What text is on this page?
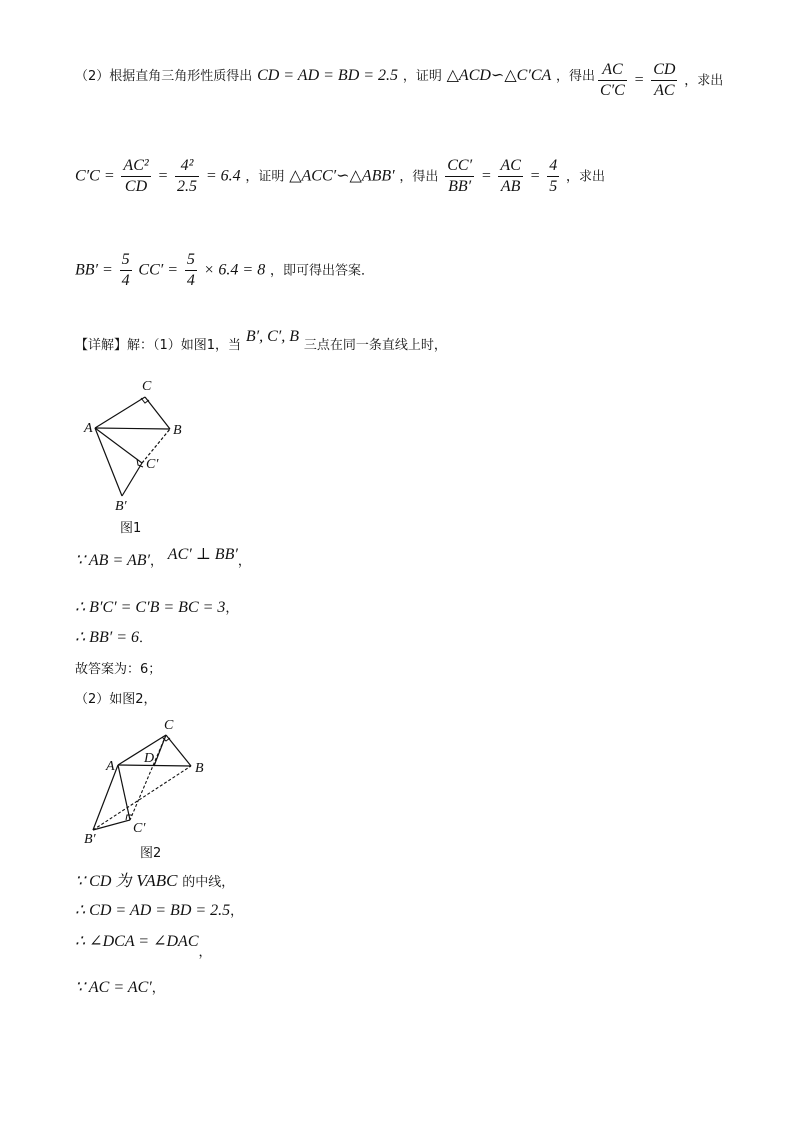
（2）根据直角三角形性质得出 CD = AD = BD = 2.5 ，证明 △ACD∽△C′CA ，得出 $\frac{AC}{C'C} = \frac{CD}{AC}$ ，求出
$C'C = \frac{\text{AC²}}{CD} = \frac{\text{4²}}{2.5} = 6.4$ ，证明 △ACC′∽△ABB′ ，得出 $\frac{CC'}{BB'} = \frac{AC}{AB} = \frac{4}{5}$ ，求出
$BB' = \frac{5}{4} CC' = \frac{5}{4} \times 6.4 = 8$ ，即可得出答案．
【详解】解：（1）如图1，当 B′, C′, B 三点在同一条直线上时，
C
A	B
C′
B′
图1
∵ AB = AB′， AC′ ⊥ BB′，
∴ B′C′ = C′B = BC = 3，
∴ BB′ = 6．
故答案为：6；
（2）如图2，
C
A
D
B
C′
B′
图2
∵ CD 为 VABC 的中线，
∴ CD = AD = BD = 2.5，
∴ ∠DCA = ∠DAC，
∵ AC = AC′，
